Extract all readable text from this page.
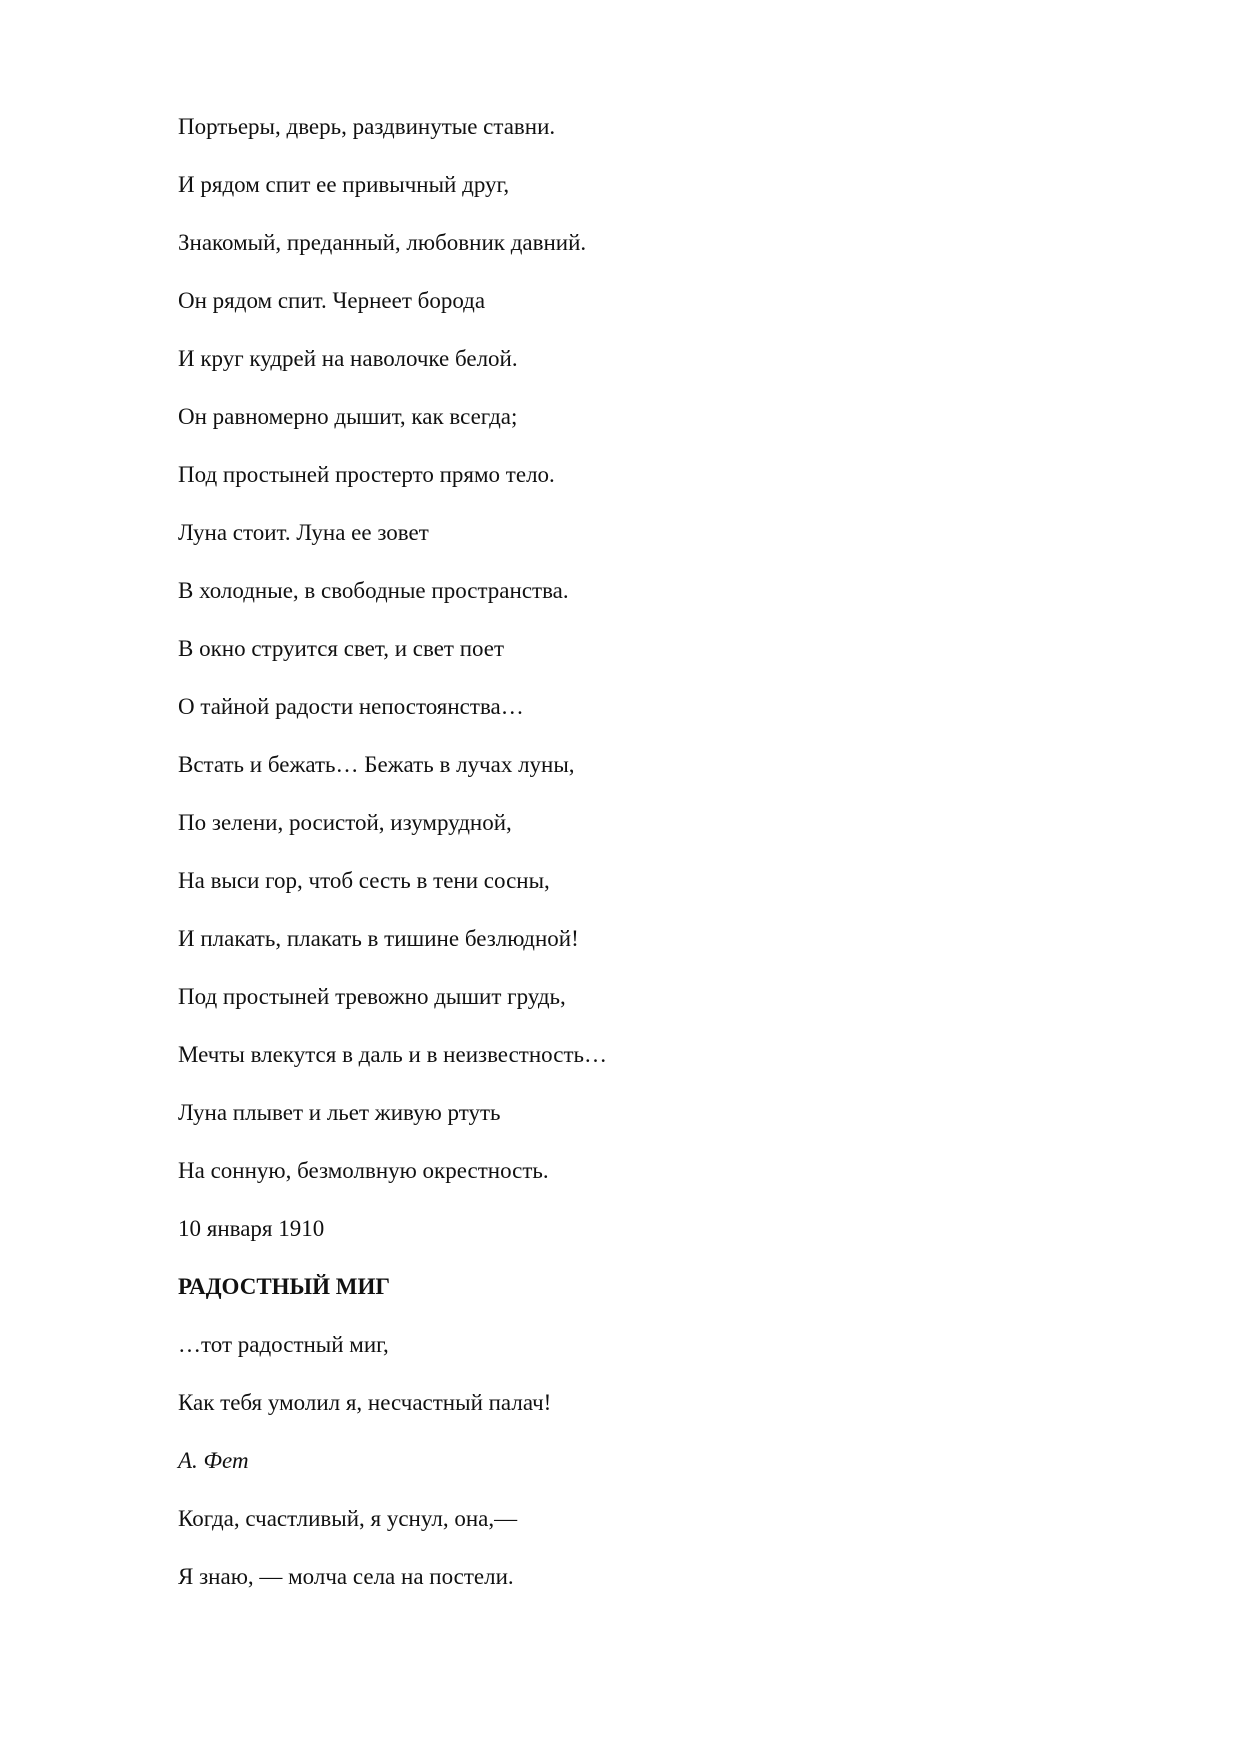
Портьеры, дверь, раздвинутые ставни.
И рядом спит ее привычный друг,
Знакомый, преданный, любовник давний.
Он рядом спит. Чернеет борода
И круг кудрей на наволочке белой.
Он равномерно дышит, как всегда;
Под простыней простерто прямо тело.
Луна стоит. Луна ее зовет
В холодные, в свободные пространства.
В окно струится свет, и свет поет
О тайной радости непостоянства…
Встать и бежать… Бежать в лучах луны,
По зелени, росистой, изумрудной,
На выси гор, чтоб сесть в тени сосны,
И плакать, плакать в тишине безлюдной!
Под простыней тревожно дышит грудь,
Мечты влекутся в даль и в неизвестность…
Луна плывет и льет живую ртуть
На сонную, безмолвную окрестность.
10 января 1910
РАДОСТНЫЙ МИГ
…тот радостный миг,
Как тебя умолил я, несчастный палач!
А. Фет
Когда, счастливый, я уснул, она,—
Я знаю, — молча села на постели.
